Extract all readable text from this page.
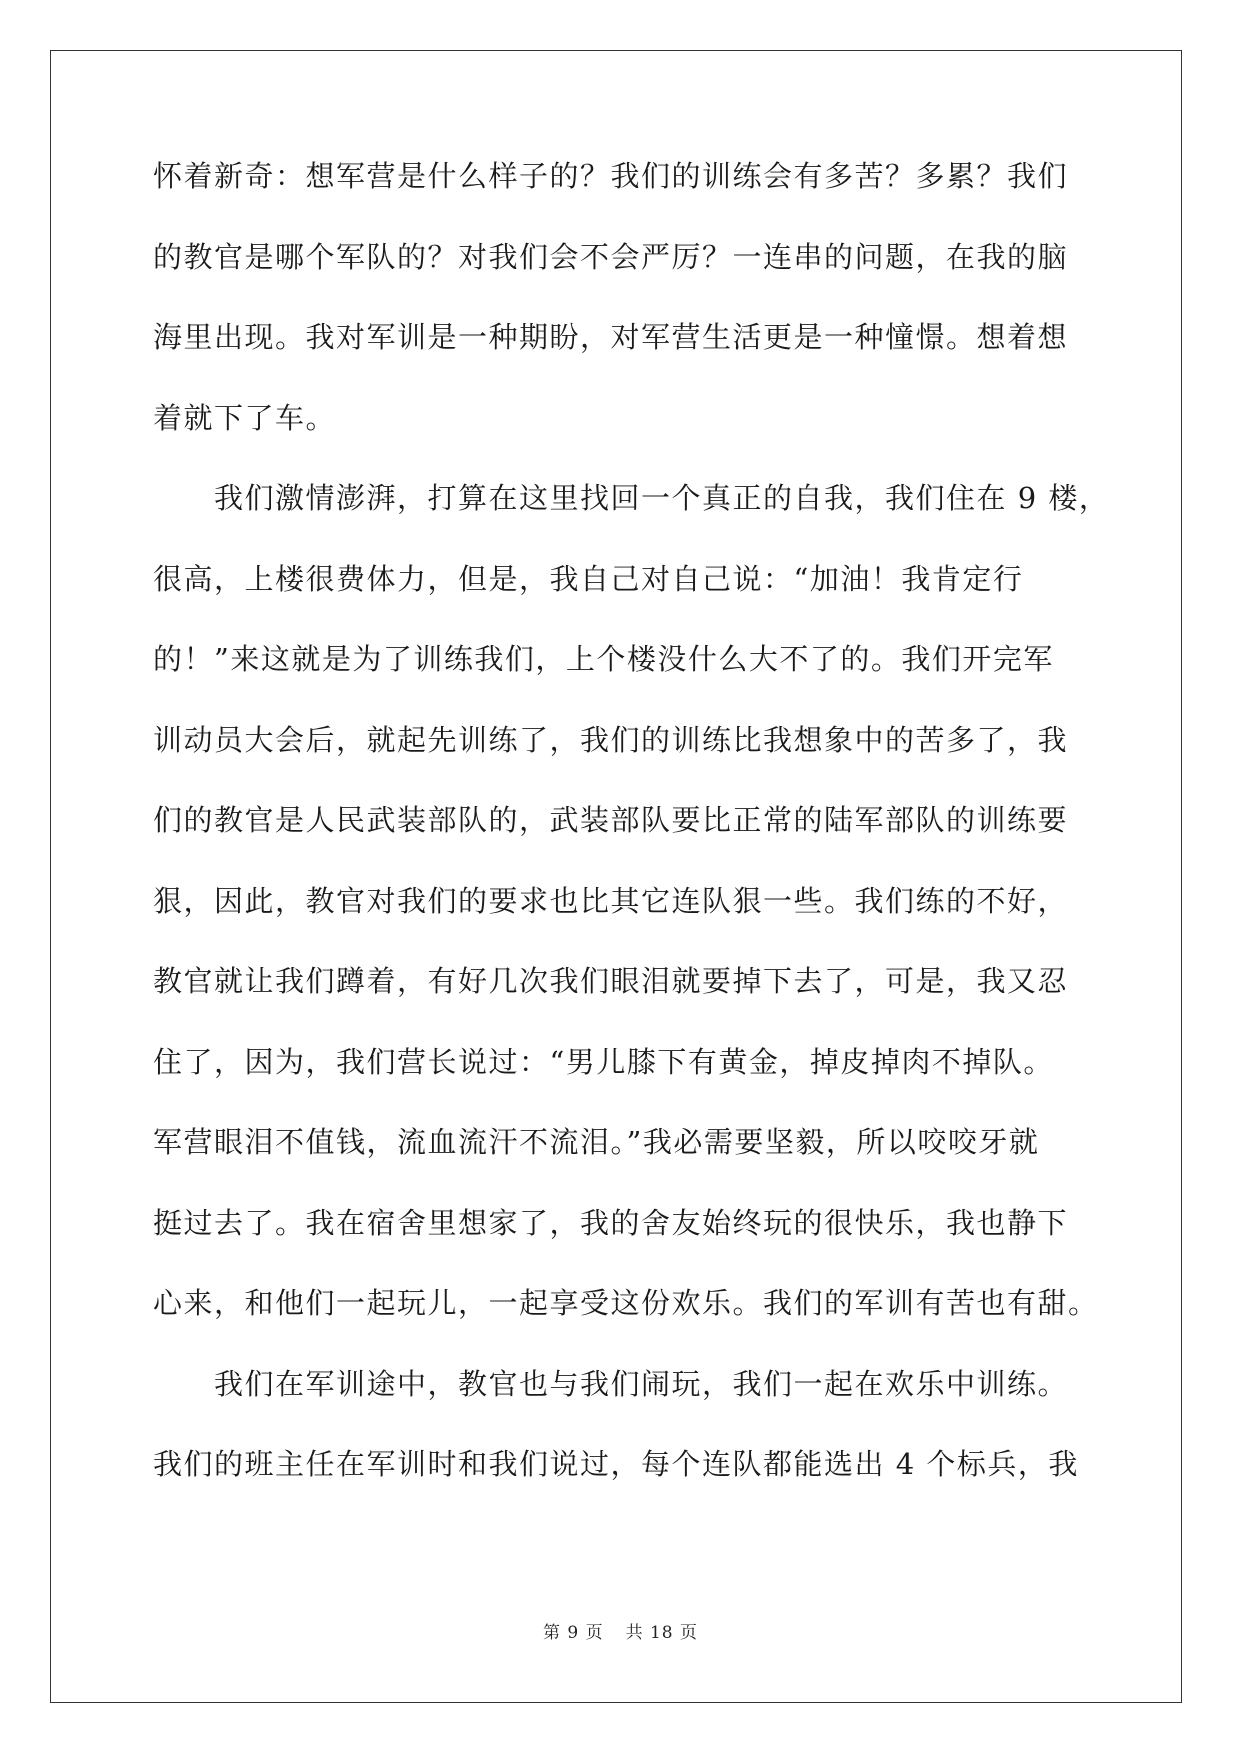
怀着新奇：想军营是什么样子的？我们的训练会有多苦？多累？我们
的教官是哪个军队的？对我们会不会严厉？一连串的问题，在我的脑
海里出现。我对军训是一种期盼，对军营生活更是一种憧憬。想着想
着就下了车。
　　我们激情澎湃，打算在这里找回一个真正的自我，我们住在 9 楼，
很高，上楼很费体力，但是，我自己对自己说：“加油！我肯定行
的！”来这就是为了训练我们，上个楼没什么大不了的。我们开完军
训动员大会后，就起先训练了，我们的训练比我想象中的苦多了，我
们的教官是人民武装部队的，武装部队要比正常的陆军部队的训练要
狠，因此，教官对我们的要求也比其它连队狠一些。我们练的不好，
教官就让我们蹲着，有好几次我们眼泪就要掉下去了，可是，我又忍
住了，因为，我们营长说过：“男儿膝下有黄金，掉皮掉肉不掉队。
军营眼泪不值钱，流血流汗不流泪。”我必需要坚毅，所以咬咬牙就
挺过去了。我在宿舍里想家了，我的舍友始终玩的很快乐，我也静下
心来，和他们一起玩儿，一起享受这份欢乐。我们的军训有苦也有甜。
　　我们在军训途中，教官也与我们闹玩，我们一起在欢乐中训练。
我们的班主任在军训时和我们说过，每个连队都能选出 4 个标兵，我
第 9 页 共 18 页
